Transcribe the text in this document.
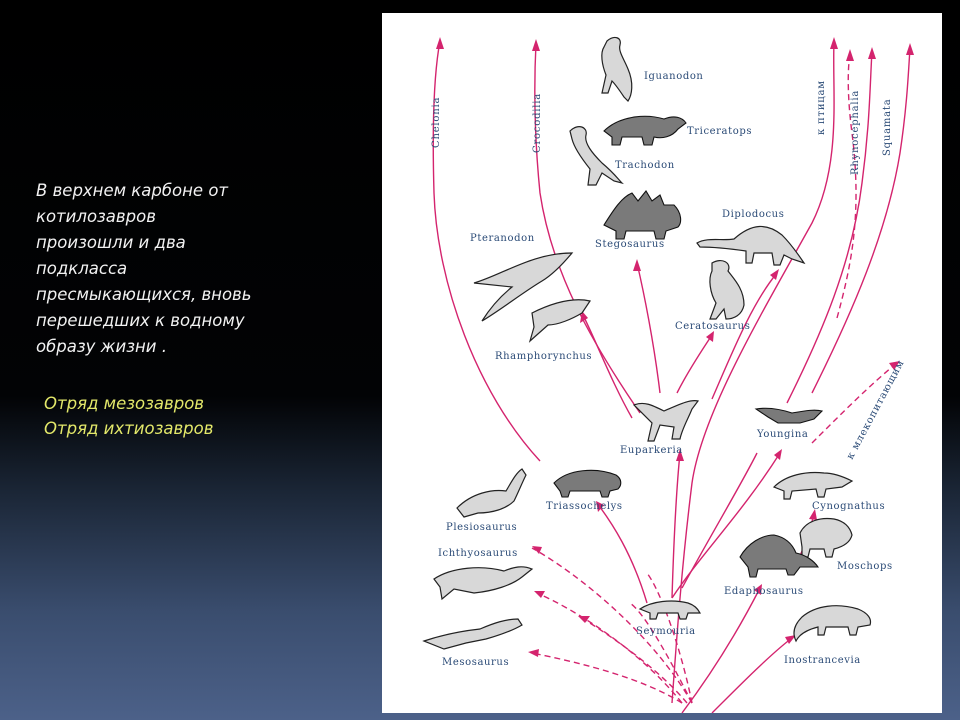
В верхнем карбоне от

котилозавров

произошли и два

подкласса

пресмыкающихся, вновь

перешедших к водному

образу жизни .

Отряд мезозавров

Отряд ихтиозавров

Iguanodon
Triceratops
Trachodon
Stegosaurus
Diplodocus
Pteranodon
Ceratosaurus
Rhamphorynchus
Euparkeria
Youngina
Triassochelys
Plesiosaurus
Ichthyosaurus
Mesosaurus
Seymouria
Cynognathus
Moschops
Edaphosaurus
Inostrancevia
Chelonia	Crocodilia	к птицам Rhynocephalia Squamata
к млекопитающим
